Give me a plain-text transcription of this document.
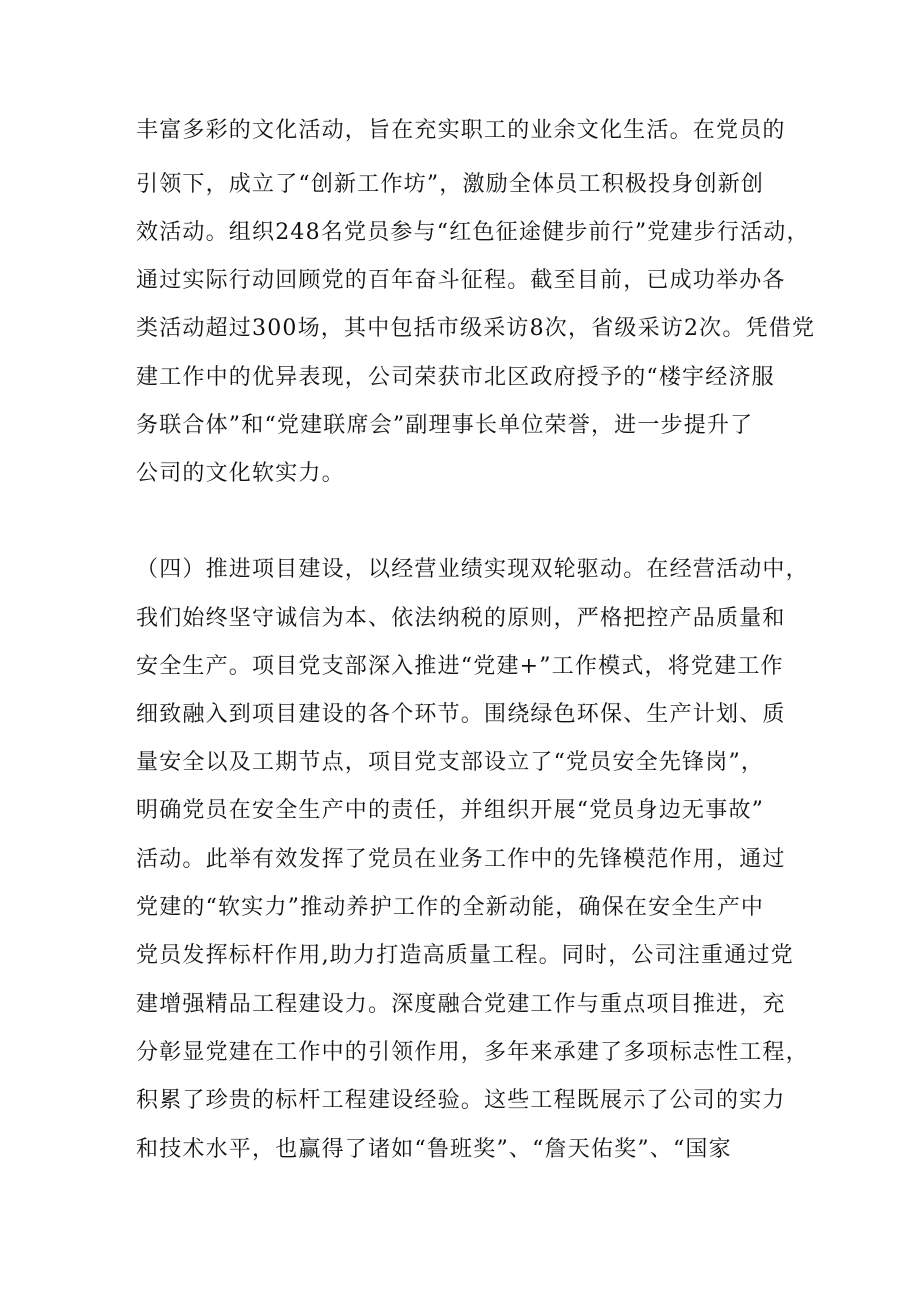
丰富多彩的文化活动，旨在充实职工的业余文化生活。在党员的
引领下，成立了“创新工作坊”，激励全体员工积极投身创新创
效活动。组织248名党员参与“红色征途健步前行”党建步行活动，
通过实际行动回顾党的百年奋斗征程。截至目前，已成功举办各
类活动超过300场，其中包括市级采访8次，省级采访2次。凭借党
建工作中的优异表现，公司荣获市北区政府授予的“楼宇经济服
务联合体”和“党建联席会”副理事长单位荣誉，进一步提升了
公司的文化软实力。
（四）推进项目建设，以经营业绩实现双轮驱动。在经营活动中，
我们始终坚守诚信为本、依法纳税的原则，严格把控产品质量和
安全生产。项目党支部深入推进“党建+”工作模式，将党建工作
细致融入到项目建设的各个环节。围绕绿色环保、生产计划、质
量安全以及工期节点，项目党支部设立了“党员安全先锋岗”，
明确党员在安全生产中的责任，并组织开展“党员身边无事故”
活动。此举有效发挥了党员在业务工作中的先锋模范作用，通过
党建的“软实力”推动养护工作的全新动能，确保在安全生产中
党员发挥标杆作用,助力打造高质量工程。同时，公司注重通过党
建增强精品工程建设力。深度融合党建工作与重点项目推进，充
分彰显党建在工作中的引领作用，多年来承建了多项标志性工程，
积累了珍贵的标杆工程建设经验。这些工程既展示了公司的实力
和技术水平，也赢得了诸如“鲁班奖”、“詹天佑奖”、“国家
